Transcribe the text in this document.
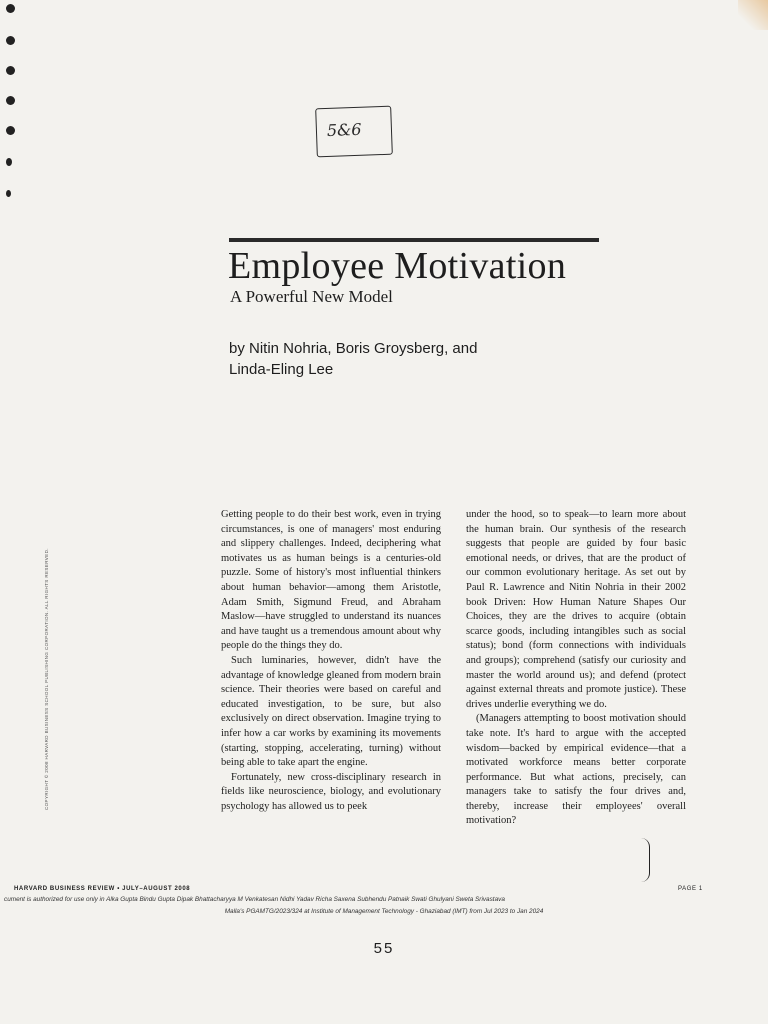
5&6
Employee Motivation
A Powerful New Model
by Nitin Nohria, Boris Groysberg, and
Linda-Eling Lee
COPYRIGHT © 2008 HARVARD BUSINESS SCHOOL PUBLISHING CORPORATION. ALL RIGHTS RESERVED.

Getting people to do their best work, even in trying circumstances, is one of managers' most enduring and slippery challenges. Indeed, deciphering what motivates us as human beings is a centuries-old puzzle. Some of history's most influential thinkers about human behavior—among them Aristotle, Adam Smith, Sigmund Freud, and Abraham Maslow—have struggled to understand its nuances and have taught us a tremendous amount about why people do the things they do.

Such luminaries, however, didn't have the advantage of knowledge gleaned from modern brain science. Their theories were based on careful and educated investigation, to be sure, but also exclusively on direct observation. Imagine trying to infer how a car works by examining its movements (starting, stopping, accelerating, turning) without being able to take apart the engine.

Fortunately, new cross-disciplinary research in fields like neuroscience, biology, and evolutionary psychology has allowed us to peek

under the hood, so to speak—to learn more about the human brain. Our synthesis of the research suggests that people are guided by four basic emotional needs, or drives, that are the product of our common evolutionary heritage. As set out by Paul R. Lawrence and Nitin Nohria in their 2002 book Driven: How Human Nature Shapes Our Choices, they are the drives to acquire (obtain scarce goods, including intangibles such as social status); bond (form connections with individuals and groups); comprehend (satisfy our curiosity and master the world around us); and defend (protect against external threats and promote justice). These drives underlie everything we do.

(Managers attempting to boost motivation should take note. It's hard to argue with the accepted wisdom—backed by empirical evidence—that a motivated workforce means better corporate performance. But what actions, precisely, can managers take to satisfy the four drives and, thereby, increase their employees' overall motivation?

HARVARD BUSINESS REVIEW • JULY–AUGUST 2008	PAGE 1
cument is authorized for use only in Alka Gupta Bindu Gupta Dipak Bhattacharyya M Venkatesan Nidhi Yadav Richa Saxena Subhendu Patnaik Swati Ghulyani Sweta Srivastava
Malla's PGAMTG/2023/324 at Institute of Management Technology - Ghaziabad (IMT) from Jul 2023 to Jan 2024
55
